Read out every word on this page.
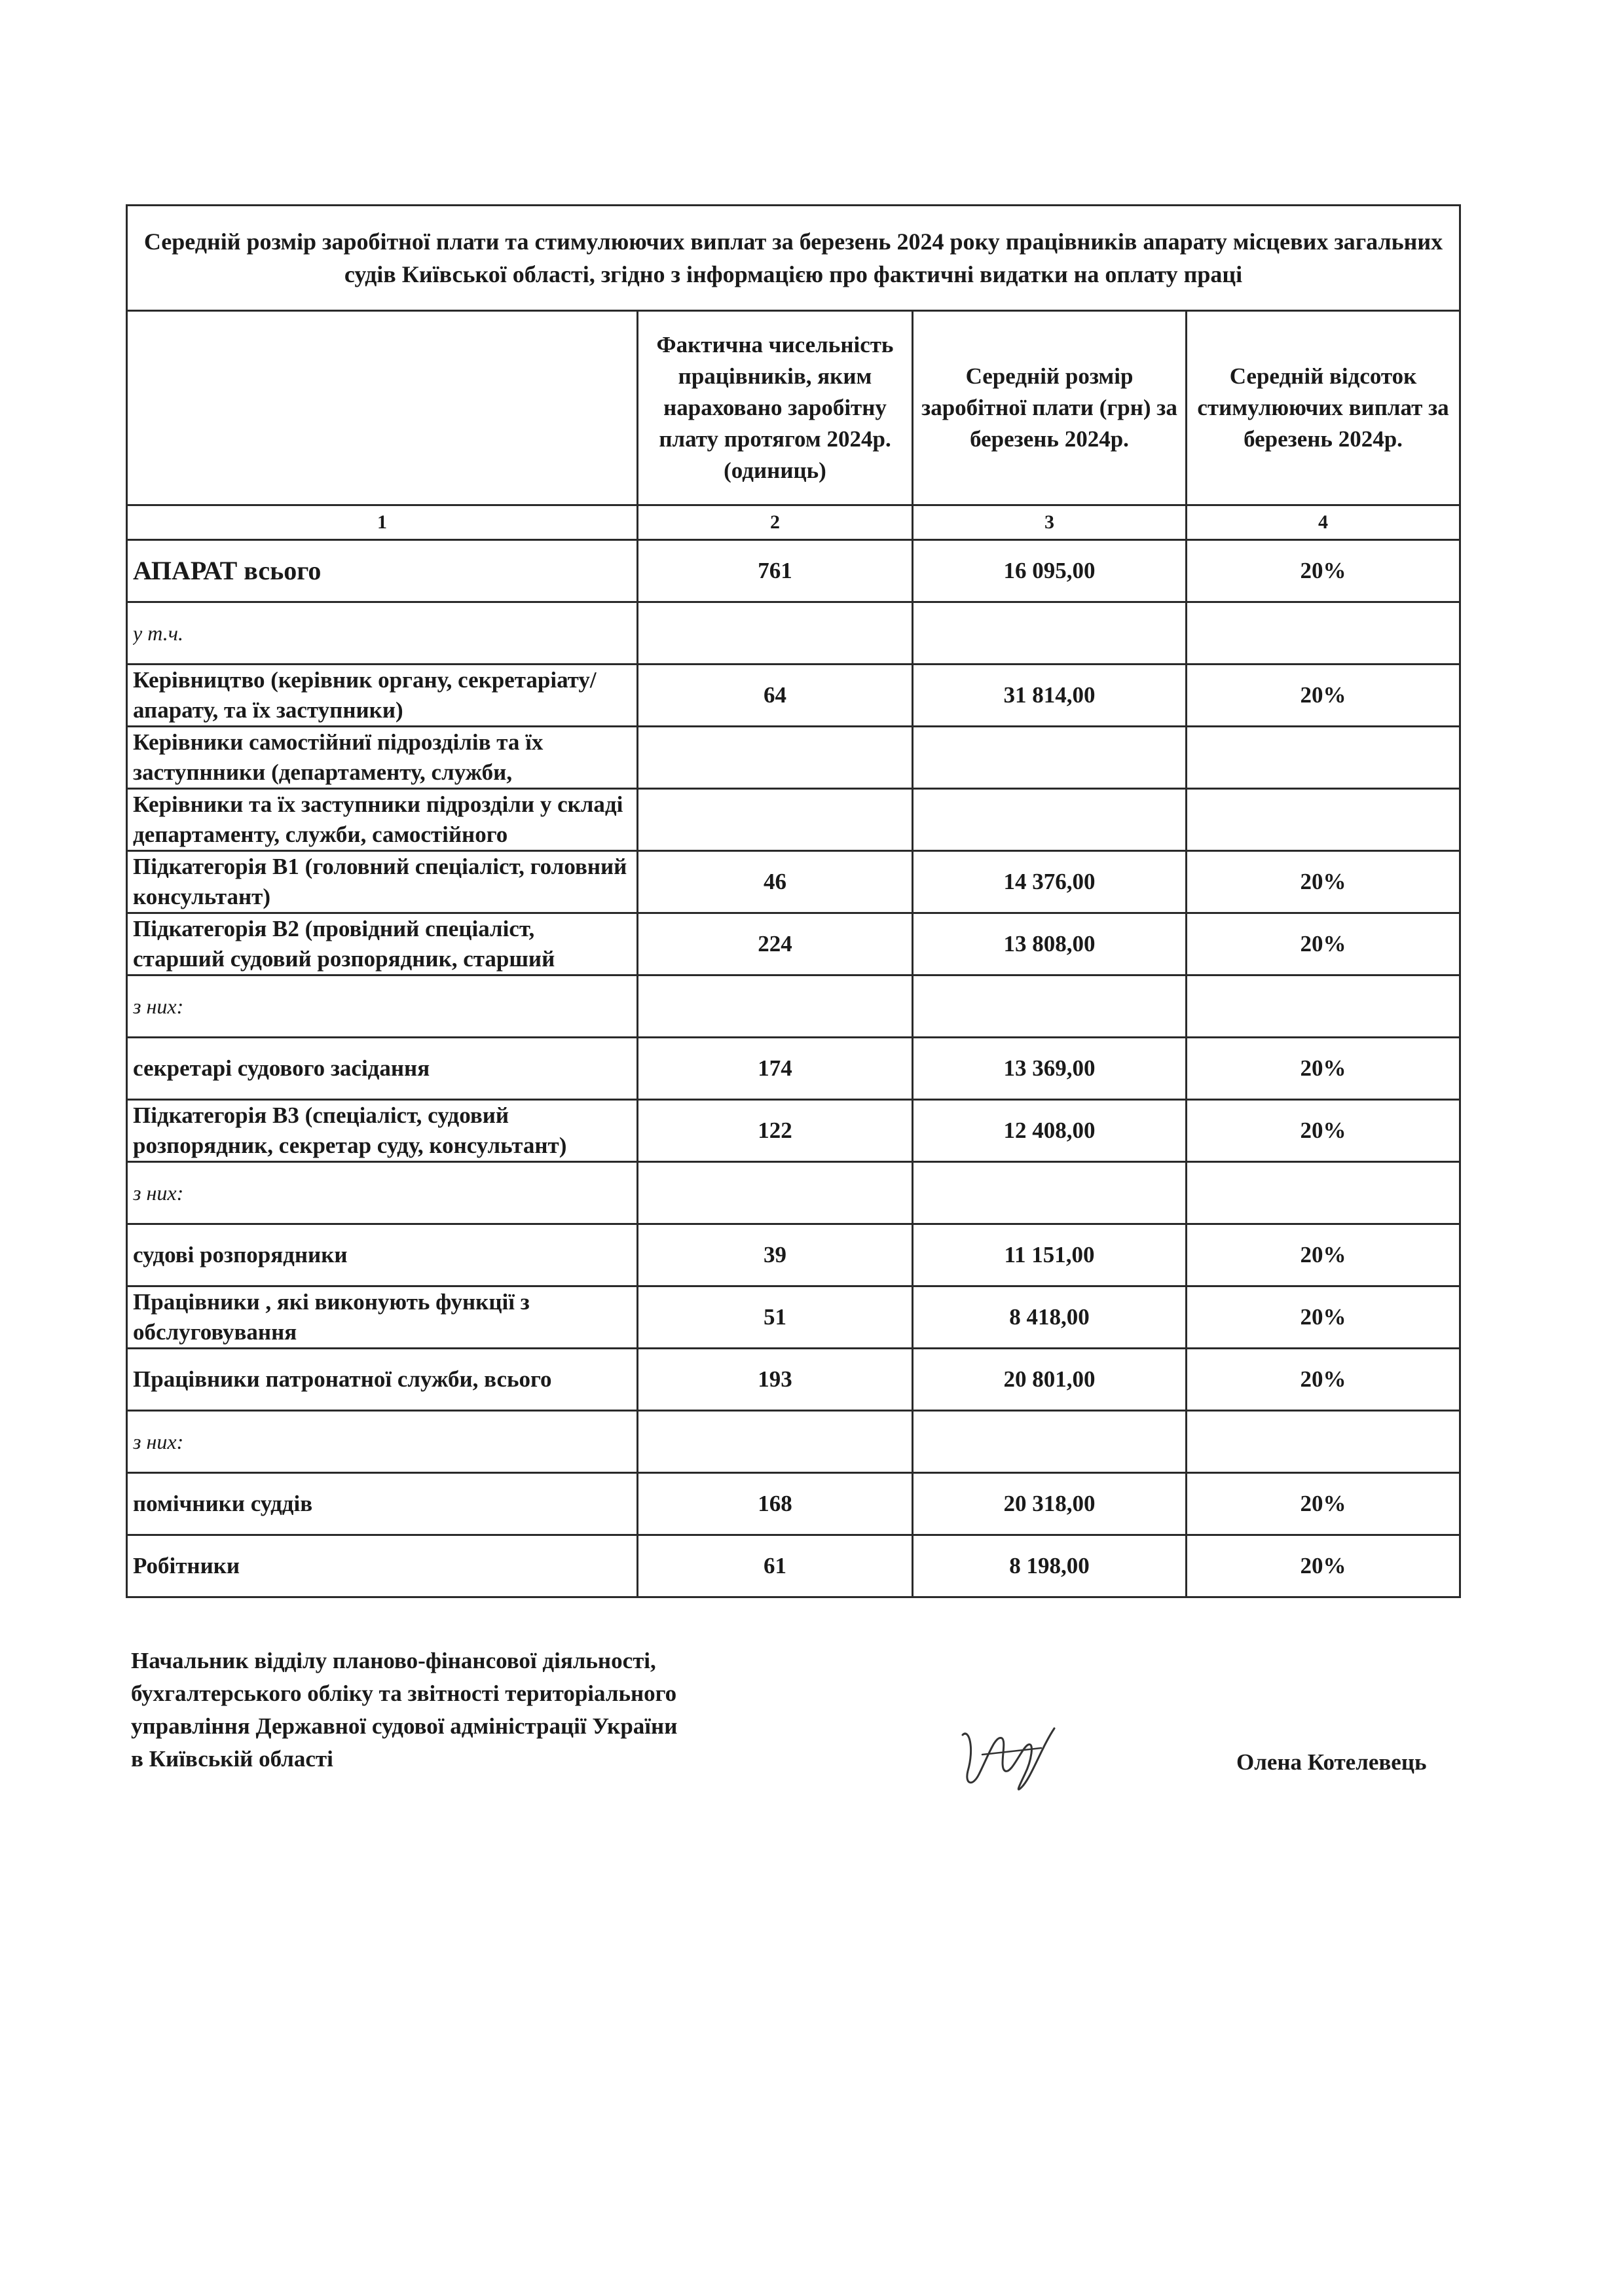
Середній розмір заробітної плати та стимулюючих виплат за березень 2024 року працівників апарату місцевих загальних судів Київської області, згідно з інформацією про фактичні видатки на оплату праці			
	Фактична чисельність працівників, яким нараховано заробітну плату протягом 2024р. (одиниць)	Середній розмір заробітної плати (грн) за березень 2024р.	Середній відсоток стимулюючих виплат за березень 2024р.
1	2	3	4

АПАРАТ всього	761	16 095,00	20%

у т.ч.			

Керівництво (керівник органу, секретаріату/апарату, та їх заступники)	64	31 814,00	20%

Керівники самостійниї підрозділів та їх заступнники (департаменту, служби,			

Керівники та їх заступники підрозділи у складі департаменту, служби, самостійного			

Підкатегорія В1 (головний спеціаліст, головний консультант)	46	14 376,00	20%

Підкатегорія В2 (провідний спеціаліст, старший судовий розпорядник, старший	224	13 808,00	20%

з них:			

секретарі судового засідання	174	13 369,00	20%

Підкатегорія В3 (спеціаліст, судовий розпорядник, секретар суду, консультант)	122	12 408,00	20%

з них:			

судові розпорядники	39	11 151,00	20%

Працівники , які виконують функції з обслуговування	51	8 418,00	20%

Працівники патронатної служби, всього	193	20 801,00	20%

з них:			

помічники суддів	168	20 318,00	20%

Робітники	61	8 198,00	20%
Начальник відділу планово-фінансової діяльності,
бухгалтерського обліку та звітності територіального
управління Державної судової адміністрації України
в Київській області	Олена Котелевець
